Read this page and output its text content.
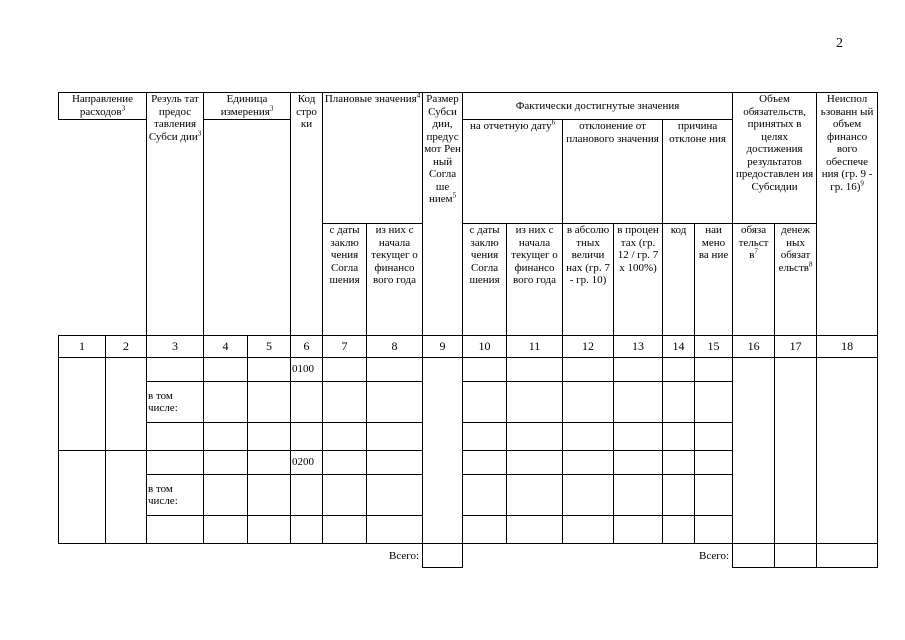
2
Направление расходов$^3$		Резуль тат предос тавления Субси дии$^3$	Единица измерения$^3$		Код стро ки	Плановые значения$^4$		Размер Субси дии, предус мот Рен ный Согла ше нием$^5$	Фактически достигнутые значения						Объем обязательств, принятых в целях достижения результатов предоставлен ия Субсидии		Неиспол ьзованн ый объем финансо вого обеспече ния (гр. 9 - гр. 16)$^9$
									на отчетную дату$^6$		отклонение от планового значения		причина отклоне ния				
						с даты заклю чения Согла шения	из них с начала текущег о финансо вого года		с даты заклю чения Согла шения	из них с начала текущег о финансо вого года	в абсолю тных величи нах (гр. 7 - гр. 10)	в процен тах (гр. 12 / гр. 7 х 100%)	код	наи мено ва ние	обяза тельст $в^7$	денеж ных обязат ельств$^8$
1	2	3	4	5	6	7	8	9	10	11	12	13	14	15	16	17	18
					0100												
		в том числе:															

					0200												
		в том числе:															

Всего:									Всего:								
